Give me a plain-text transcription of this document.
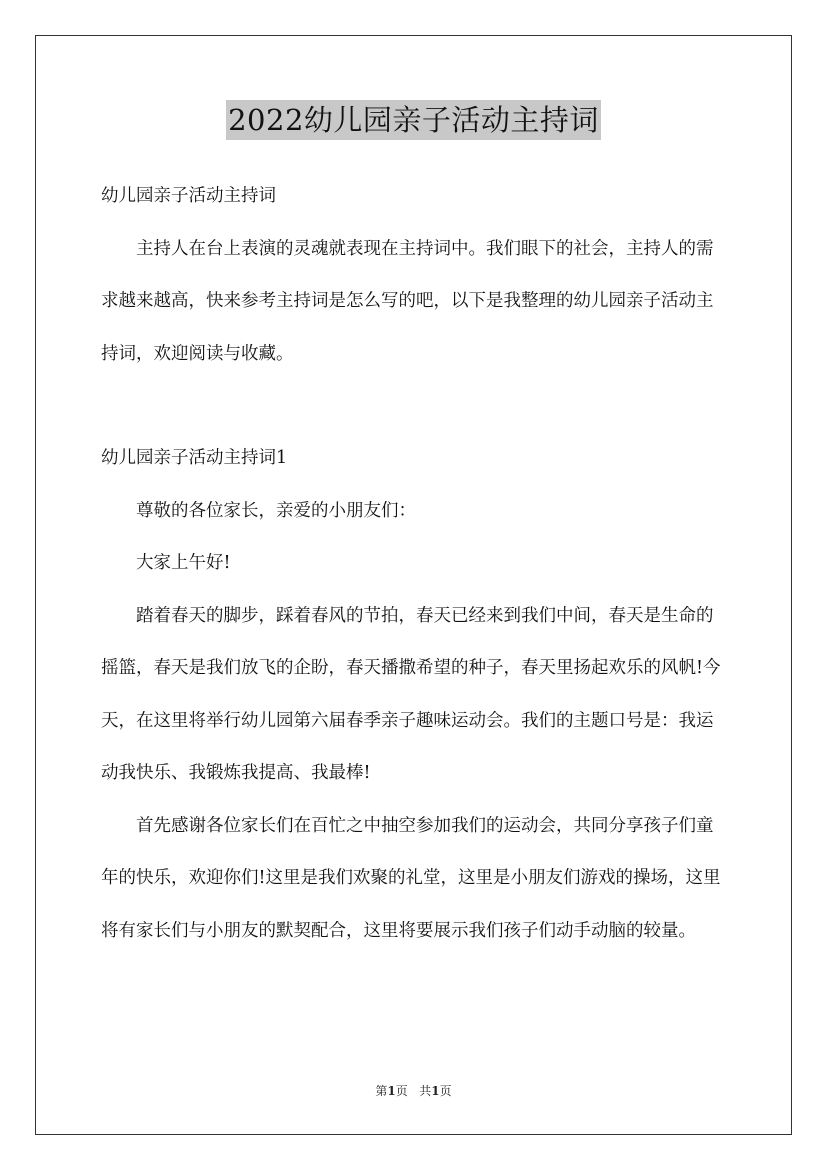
2022幼儿园亲子活动主持词

幼儿园亲子活动主持词

主持人在台上表演的灵魂就表现在主持词中。我们眼下的社会，主持人的需求越来越高，快来参考主持词是怎么写的吧，以下是我整理的幼儿园亲子活动主持词，欢迎阅读与收藏。

幼儿园亲子活动主持词1

尊敬的各位家长，亲爱的小朋友们：

大家上午好!

踏着春天的脚步，踩着春风的节拍，春天已经来到我们中间，春天是生命的摇篮，春天是我们放飞的企盼，春天播撒希望的种子，春天里扬起欢乐的风帆!今天，在这里将举行幼儿园第六届春季亲子趣味运动会。我们的主题口号是：我运动我快乐、我锻炼我提高、我最棒!

首先感谢各位家长们在百忙之中抽空参加我们的运动会，共同分享孩子们童年的快乐，欢迎你们!这里是我们欢聚的礼堂，这里是小朋友们游戏的操场，这里将有家长们与小朋友的默契配合，这里将要展示我们孩子们动手动脑的较量。

第1页 共1页
